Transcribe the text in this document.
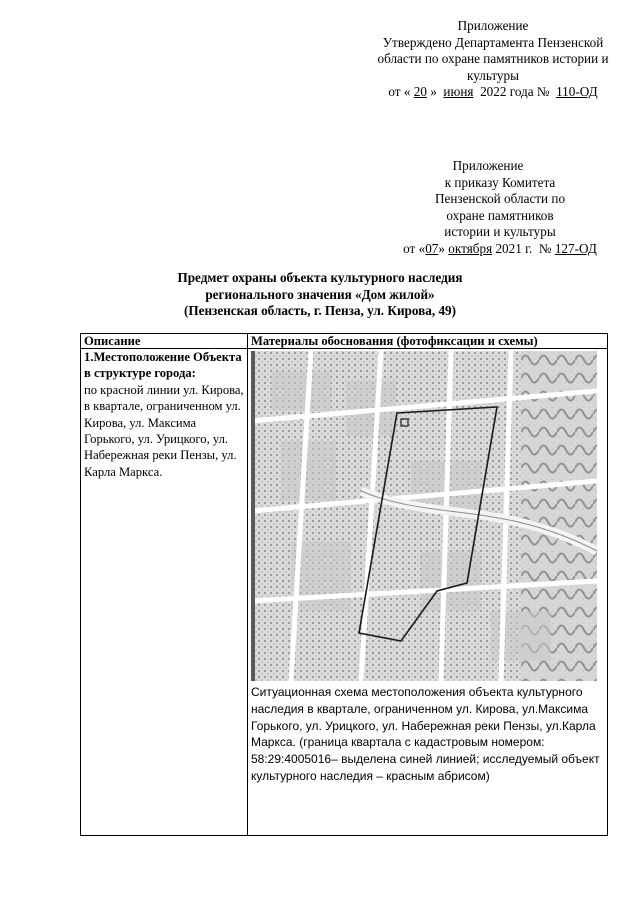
Приложение
Утверждено Департамента Пензенской
области по охране памятников истории и
культуры
от « 20 » июня 2022 года № 110-ОД
Приложение
к приказу Комитета
Пензенской области по
охране памятников
истории и культуры
от «07» октября 2021 г. № 127-ОД
Предмет охраны объекта культурного наследия
регионального значения «Дом жилой»
(Пензенская область, г. Пенза, ул. Кирова, 49)
Описание	Материалы обоснования (фотофиксации и схемы)

1.Местоположение Объекта в структуре города:
по красной линии ул. Кирова, в квартале, ограниченном ул. Кирова, ул. Максима Горького, ул. Урицкого, ул. Набережная реки Пензы, ул. Карла Маркса.	Ситуационная схема местоположения объекта культурного наследия в квартале, ограниченном ул. Кирова, ул.Максима Горького, ул. Урицкого, ул. Набережная реки Пензы, ул.Карла Маркса. (граница квартала с кадастровым номером: 58:29:4005016– выделена синей линией; исследуемый объект культурного наследия – красным абрисом)
